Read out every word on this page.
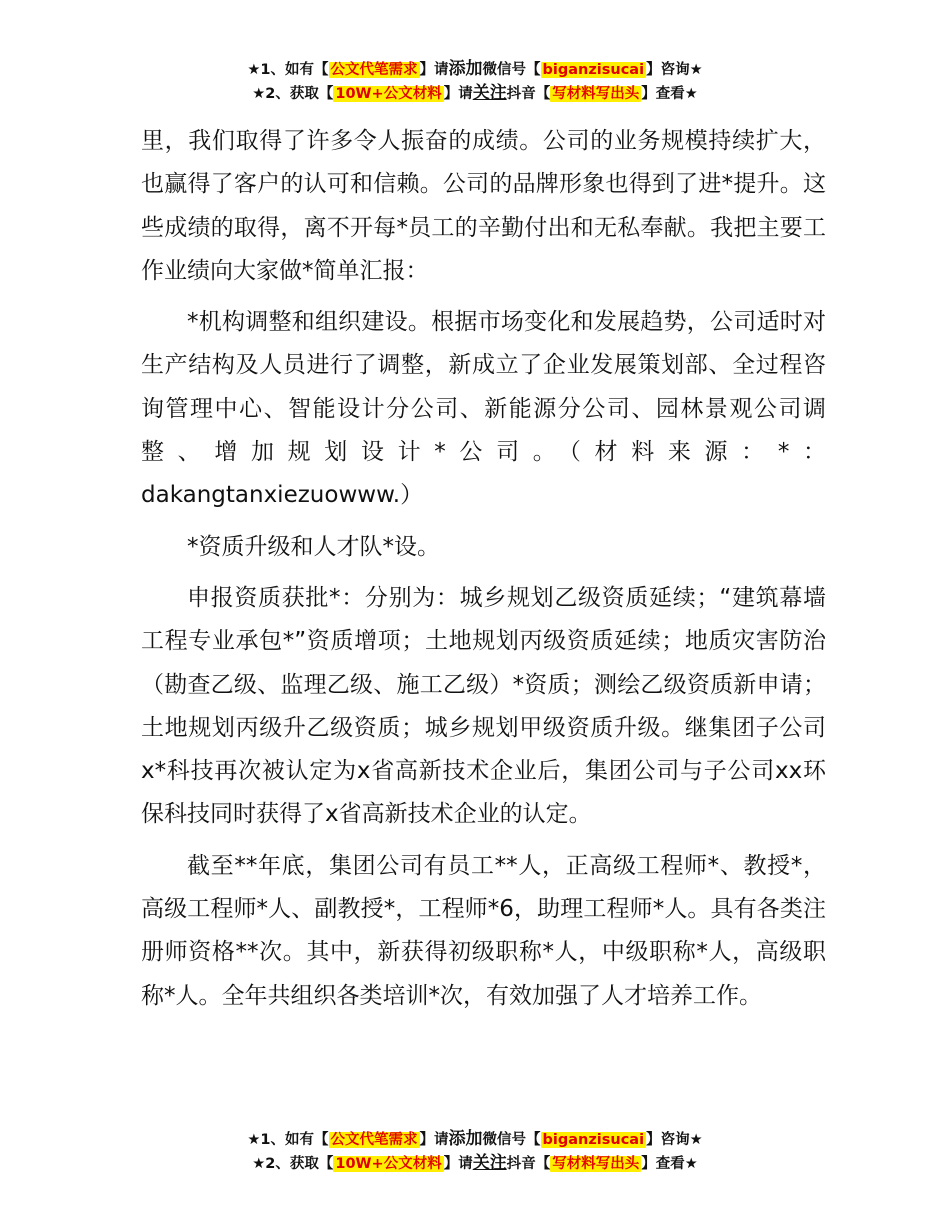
★1、如有【 公文代笔需求 】请添加微信号【 biganzisucai 】咨询★
★2、获取【 10W+公文材料 】请关注抖音【 写材料写出头 】查看★

里，我们取得了许多令人振奋的成绩。公司的业务规模持续扩大，也赢得了客户的认可和信赖。公司的品牌形象也得到了进*提升。这些成绩的取得，离不开每*员工的辛勤付出和无私奉献。我把主要工作业绩向大家做*简单汇报：

*机构调整和组织建设。根据市场变化和发展趋势，公司适时对生产结构及人员进行了调整，新成立了企业发展策划部、全过程咨询管理中心、智能设计分公司、新能源分公司、园林景观公司调整、增加规划设计*公司。（材料来源：*：dakangtanxiezuowww.）

*资质升级和人才队*设。

申报资质获批*：分别为：城乡规划乙级资质延续；“建筑幕墙工程专业承包*”资质增项；土地规划丙级资质延续；地质灾害防治（勘查乙级、监理乙级、施工乙级）*资质；测绘乙级资质新申请；土地规划丙级升乙级资质；城乡规划甲级资质升级。继集团子公司x*科技再次被认定为x省高新技术企业后，集团公司与子公司xx环保科技同时获得了x省高新技术企业的认定。

截至**年底，集团公司有员工**人，正高级工程师*、教授*，高级工程师*人、副教授*，工程师*6，助理工程师*人。具有各类注册师资格**次。其中，新获得初级职称*人，中级职称*人，高级职称*人。全年共组织各类培训*次，有效加强了人才培养工作。

★1、如有【 公文代笔需求 】请添加微信号【 biganzisucai 】咨询★
★2、获取【 10W+公文材料 】请关注抖音【 写材料写出头 】查看★
